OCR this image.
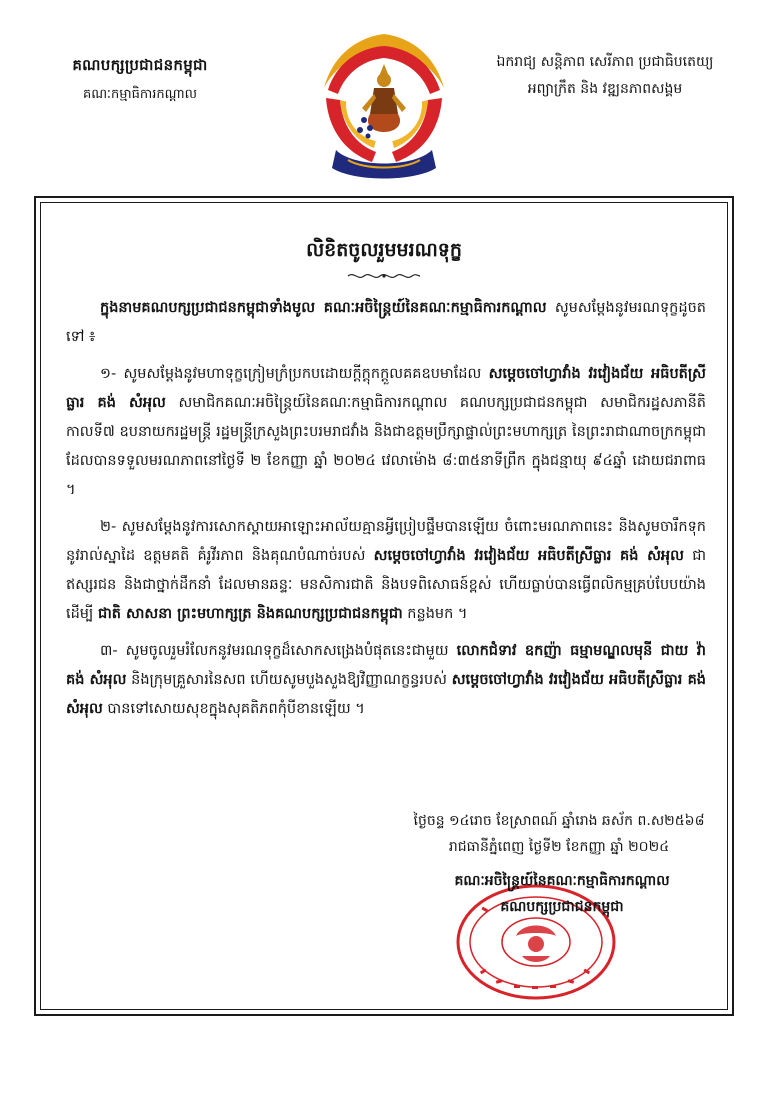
គណបក្សប្រជាជនកម្ពុជា
គណៈកម្មាធិការកណ្ដាល
ឯករាជ្យ សន្តិភាព សេរីភាព ប្រជាធិបតេយ្យ
អព្យាក្រឹត និង វឌ្ឍនភាពសង្គម
លិខិតចូលរួមមរណទុក្ខ

ក្នុងនាមគណបក្សប្រជាជនកម្ពុជាទាំងមូល គណៈអចិន្ត្រៃយ៍នៃគណៈកម្មាធិការកណ្តាល សូមសម្តែងនូវមរណទុក្ខដូចតទៅ ៖

១- សូមសម្តែងនូវមហាទុក្ខក្រៀមក្រំប្រកបដោយក្តីក្តុកក្តួលគគឧបមាដែល សម្តេចចៅហ្វាវាំង វរវៀងជ័យ អធិបតីស្រីធ្លារ គង់ សំអុល សមាជិកគណៈអចិន្ត្រៃយ៍នៃគណៈកម្មាធិការកណ្តាល គណបក្សប្រជាជនកម្ពុជា សមាជិករដ្ឋសភានីតិកាលទី៧ ឧបនាយករដ្ឋមន្ត្រី រដ្ឋមន្ត្រីក្រសួងព្រះបរមរាជវាំង និងជាឧត្តមប្រឹក្សាផ្ទាល់ព្រះមហាក្សត្រ នៃព្រះរាជាណាចក្រកម្ពុជា ដែលបានទទួលមរណភាពនៅថ្ងៃទី ២ ខែកញ្ញា ឆ្នាំ ២០២៤ វេលាម៉ោង ៨:៣៥នាទីព្រឹក ក្នុងជន្មាយុ ៩៤ឆ្នាំ ដោយជរាពាធ ។

២- សូមសម្តែងនូវការសោកស្តាយអាឡោះអាល័យគ្មានអ្វីប្រៀបផ្ទឹមបានឡើយ ចំពោះមរណភាពនេះ និងសូមចារឹកទុកនូវរាល់ស្នាដៃ ឧត្តមគតិ គំរូវីរភាព និងគុណបំណាច់របស់ សម្តេចចៅហ្វាវាំង វរវៀងជ័យ អធិបតីស្រីធ្លារ គង់ សំអុល ជាឥស្សរជន និងជាថ្នាក់ដឹកនាំ ដែលមានឆន្ទៈ មនសិការជាតិ និងបទពិសោធន៍ខ្ពស់ ហើយធ្លាប់បានធ្វើពលិកម្មគ្រប់បែបយ៉ាងដើម្បី ជាតិ សាសនា ព្រះមហាក្សត្រ និងគណបក្សប្រជាជនកម្ពុជា កន្លងមក ។

៣- សូមចូលរួមរំលែកនូវមរណទុក្ខដ៏សោកសង្រេងបំផុតនេះជាមួយ លោកជំទាវ ឧកញ៉ា ធម្មាមណ្ឌលមុនី ជាយ វ៉ា គង់ សំអុល និងក្រុមគ្រួសារនៃសព ហើយសូមបួងសួងឱ្យវិញ្ញាណក្ខន្ធរបស់ សម្តេចចៅហ្វាវាំង វរវៀងជ័យ អធិបតីស្រីធ្លារ គង់ សំអុល បានទៅសោយសុខក្នុងសុគតិភពកុំបីខានឡើយ ។

ថ្ងៃចន្ទ ១៤រោច ខែស្រាពណ៍ ឆ្នាំរោង ឆស័ក ព.ស២៥៦៨
រាជធានីភ្នំពេញ ថ្ងៃទី២ ខែកញ្ញា ឆ្នាំ ២០២៤
គណៈអចិន្ត្រៃយ៍នៃគណៈកម្មាធិការកណ្តាល
គណបក្សប្រជាជនកម្ពុជា
